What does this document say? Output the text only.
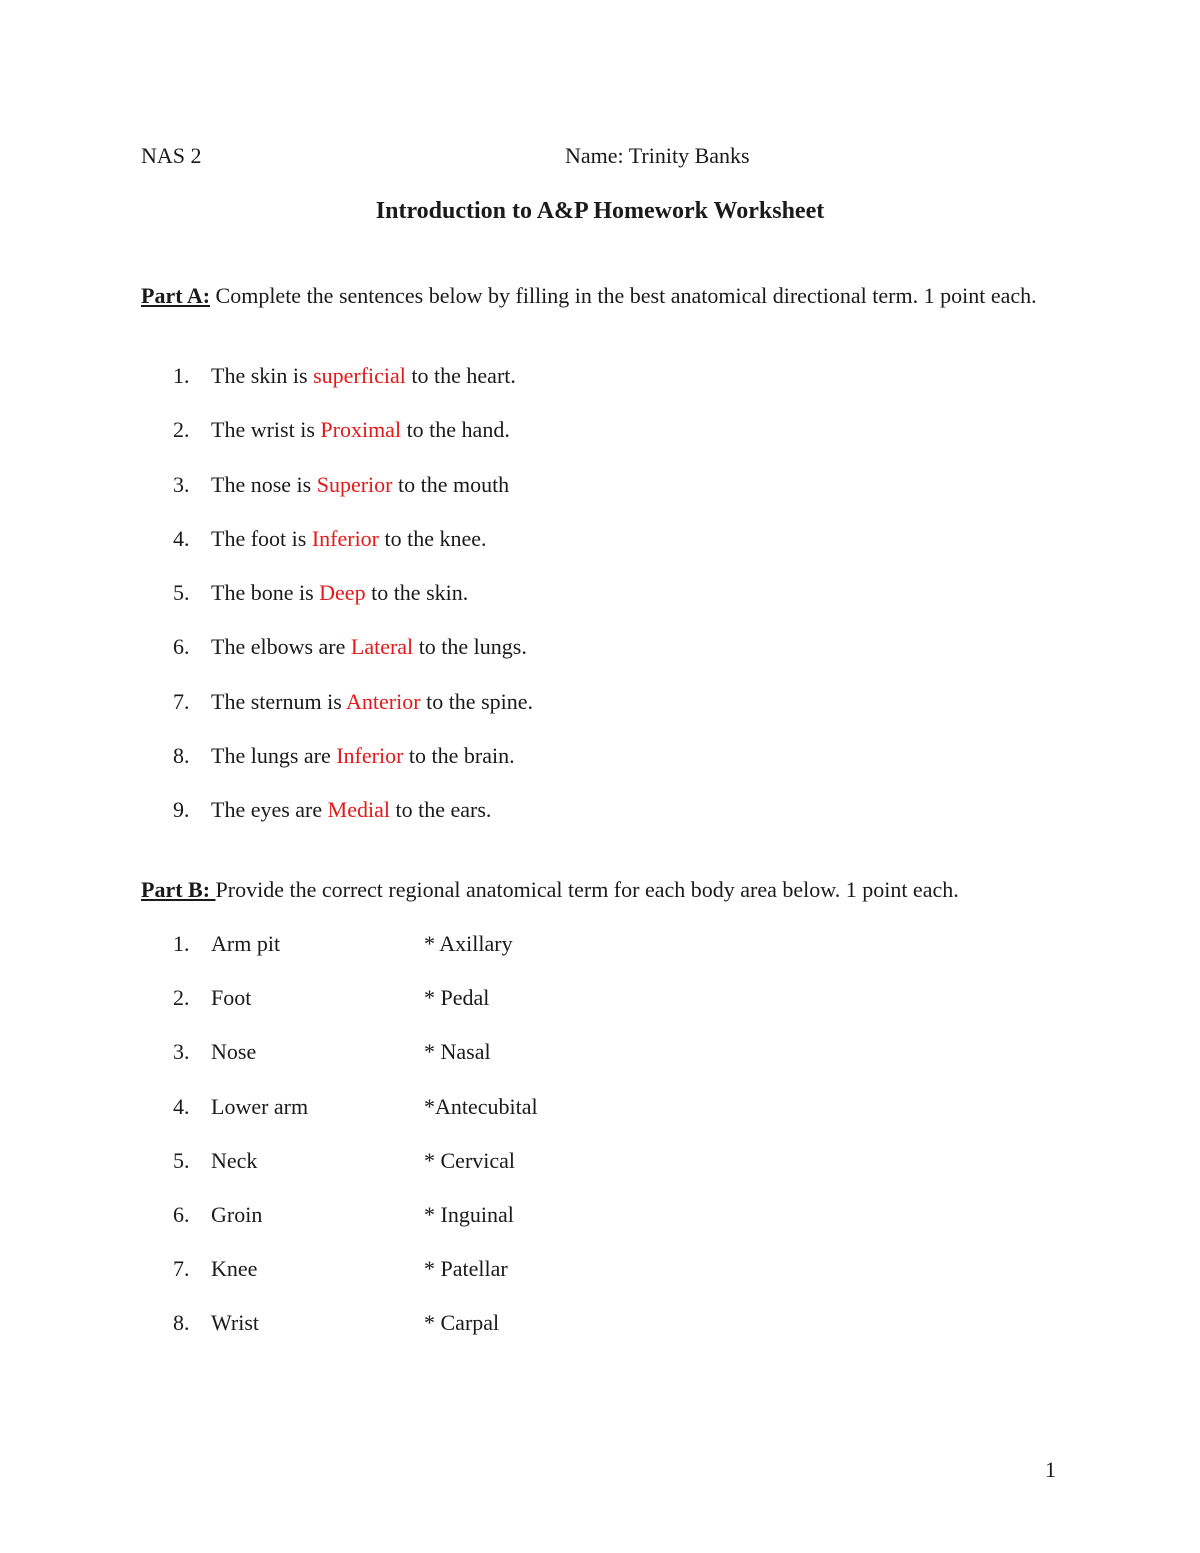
NAS 2	Name: Trinity Banks
Introduction to A&P Homework Worksheet
Part A: Complete the sentences below by filling in the best anatomical directional term. 1 point each.
1. The skin is superficial to the heart.
2. The wrist is Proximal to the hand.
3. The nose is Superior to the mouth
4. The foot is Inferior to the knee.
5. The bone is Deep to the skin.
6. The elbows are Lateral to the lungs.
7. The sternum is Anterior to the spine.
8. The lungs are Inferior to the brain.
9. The eyes are Medial to the ears.
Part B: Provide the correct regional anatomical term for each body area below. 1 point each.
1. Arm pit	* Axillary
2. Foot	* Pedal
3. Nose	* Nasal
4. Lower arm	*Antecubital
5. Neck	* Cervical
6. Groin	* Inguinal
7. Knee	* Patellar
8. Wrist	* Carpal
1
